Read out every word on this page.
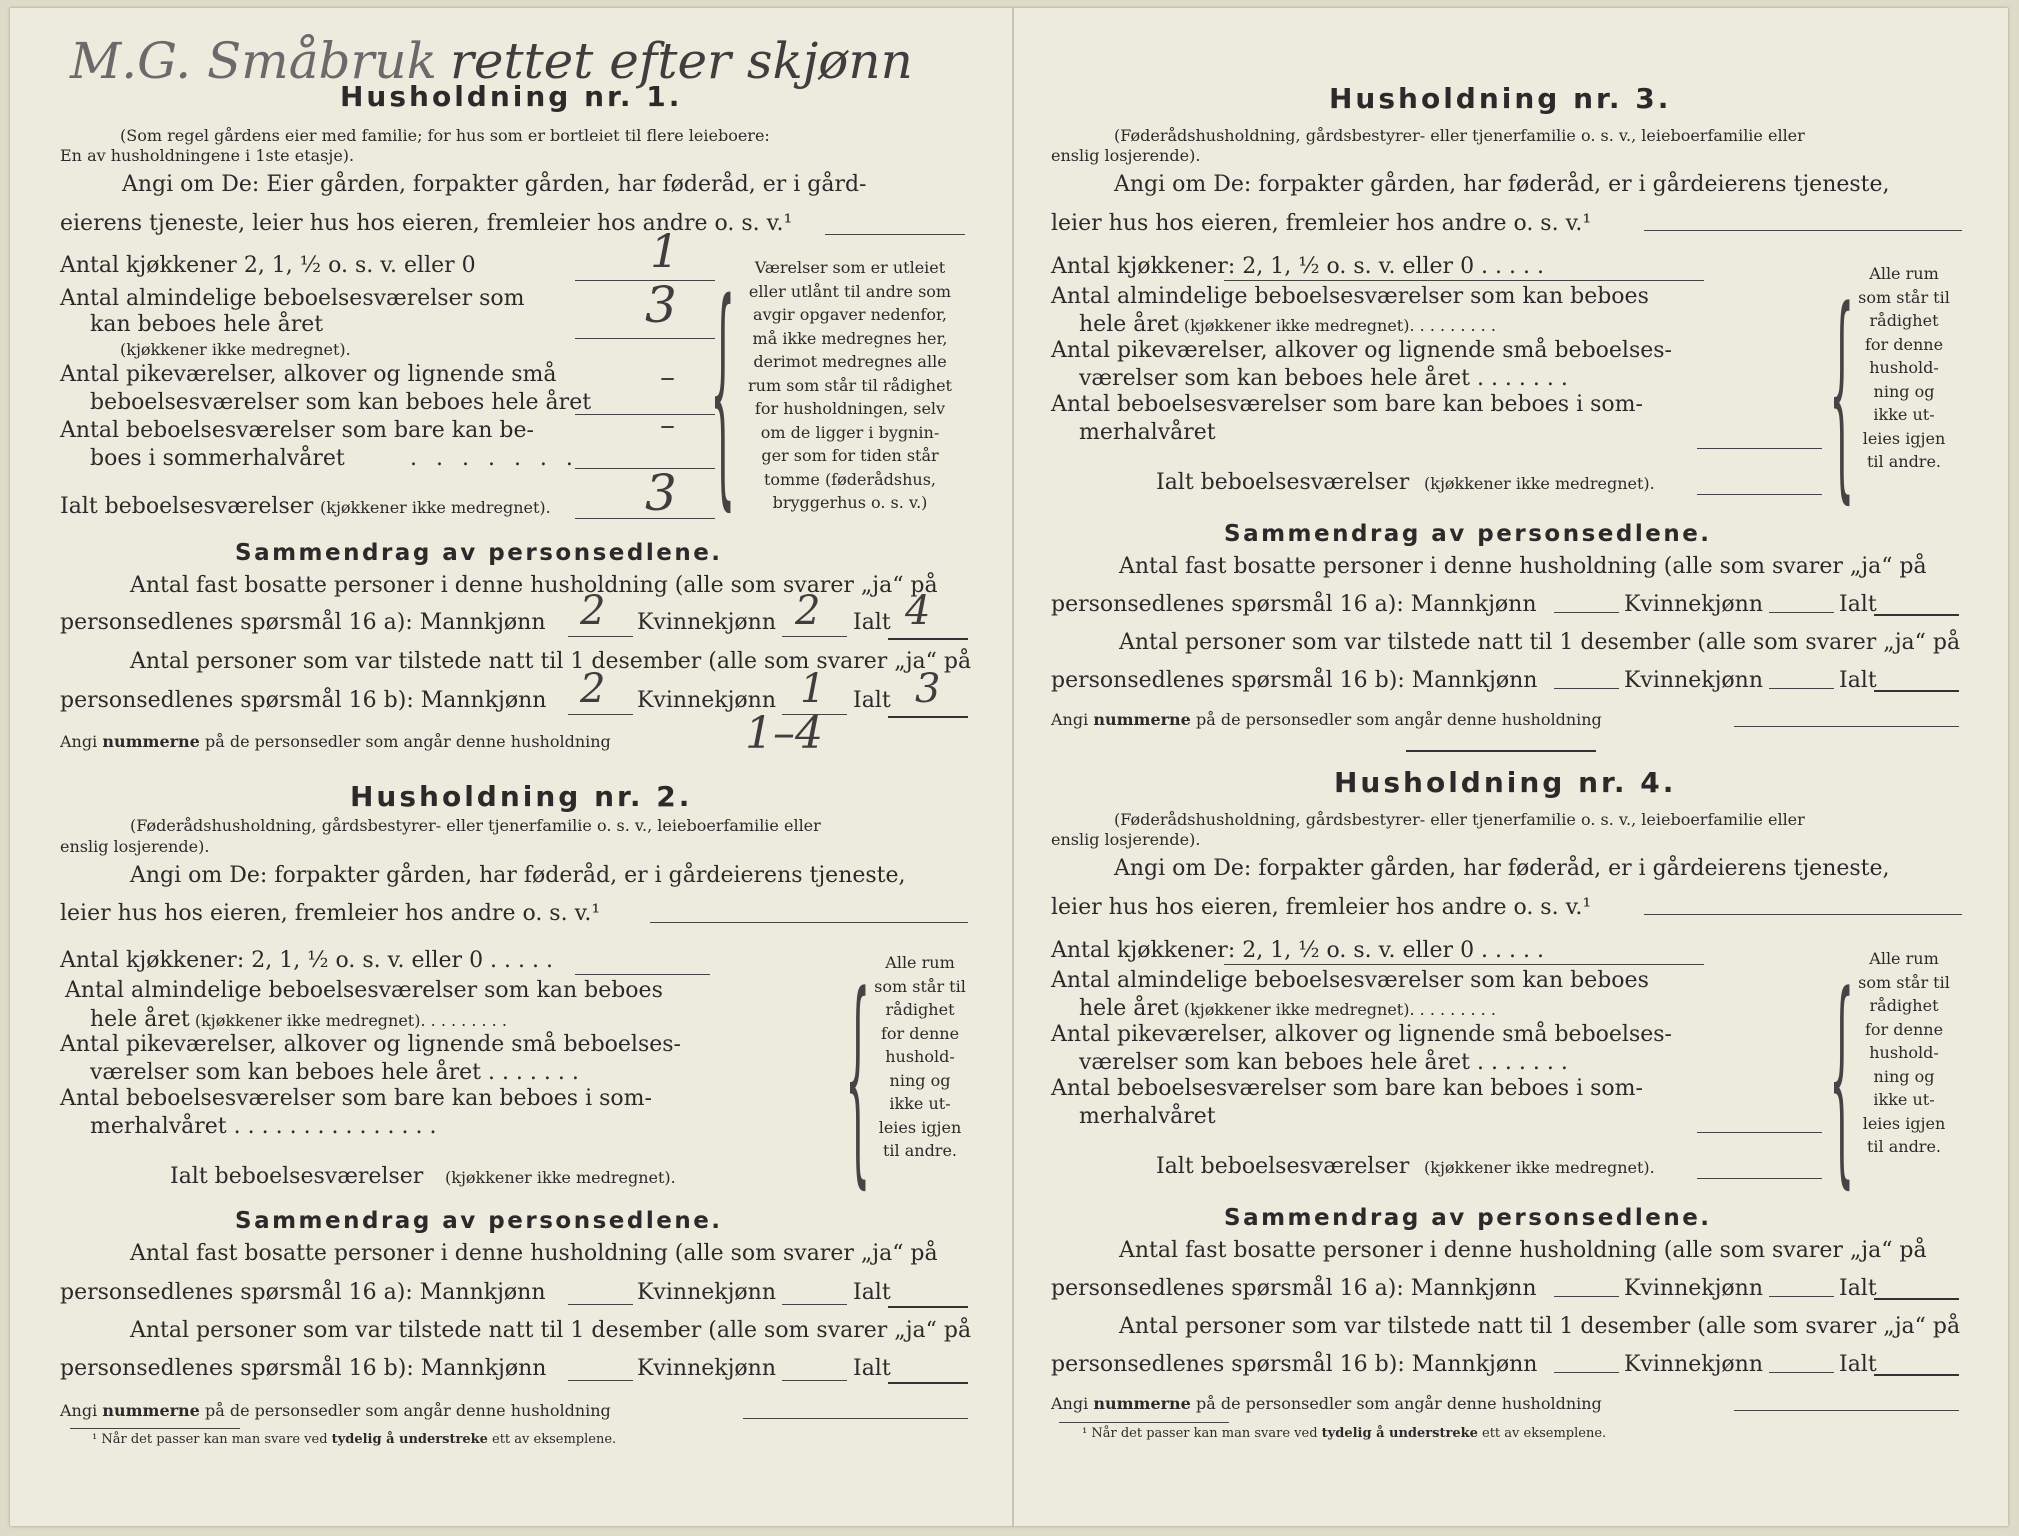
M.G. Småbruk rettet efter skjønn
Husholdning nr. 1.
(Som regel gårdens eier med familie; for hus som er bortleiet til flere leieboere:
En av husholdningene i 1ste etasje).
Angi om De: Eier gården, forpakter gården, har føderåd, er i gård-
eierens tjeneste, leier hus hos eieren, fremleier hos andre o. s. v.¹
Antal kjøkkener 2, 1, ½ o. s. v. eller 0	1
Antal almindelige beboelsesværelser som
kan beboes hele året
(kjøkkener ikke medregnet).
3
Antal pikeværelser, alkover og lignende små
beboelsesværelser som kan beboes hele året
–
Antal beboelsesværelser som bare kan be-
boes i sommerhalvåret	. . . . . . .
–
Ialt beboelsesværelser (kjøkkener ikke medregnet). 3 {	Værelser som er utleiet
eller utlånt til andre som
avgir opgaver nedenfor,
må ikke medregnes her,
derimot medregnes alle
rum som står til rådighet
for husholdningen, selv
om de ligger i bygnin-
ger som for tiden står
tomme (føderådshus,
bryggerhus o. s. v.)
Sammendrag av personsedlene.
Antal fast bosatte personer i denne husholdning (alle som svarer „ja“ på
personsedlenes spørsmål 16 a): Mannkjønn 2 Kvinnekjønn 2 Ialt 4
Antal personer som var tilstede natt til 1 desember (alle som svarer „ja“ på
personsedlenes spørsmål 16 b): Mannkjønn 2 Kvinnekjønn 1 Ialt 3
Angi nummerne på de personsedler som angår denne husholdning	1–4
Husholdning nr. 2.
(Føderådshusholdning, gårdsbestyrer- eller tjenerfamilie o. s. v., leieboerfamilie eller
enslig losjerende).
Angi om De: forpakter gården, har føderåd, er i gårdeierens tjeneste,
leier hus hos eieren, fremleier hos andre o. s. v.¹
Antal kjøkkener: 2, 1, ½ o. s. v. eller 0 . . . . .
Antal almindelige beboelsesværelser som kan beboes
hele året (kjøkkener ikke medregnet). . . . . . . . .
Antal pikeværelser, alkover og lignende små beboelses-
værelser som kan beboes hele året . . . . . . .
Antal beboelsesværelser som bare kan beboes i som-
merhalvåret . . . . . . . . . . . . . . .
Ialt beboelsesværelser (kjøkkener ikke medregnet).	{ Alle rum
som står til
rådighet
for denne
hushold-
ning og
ikke ut-
leies igjen
til andre.
Sammendrag av personsedlene.
Antal fast bosatte personer i denne husholdning (alle som svarer „ja“ på
personsedlenes spørsmål 16 a): Mannkjønn	Kvinnekjønn	Ialt
Antal personer som var tilstede natt til 1 desember (alle som svarer „ja“ på
personsedlenes spørsmål 16 b): Mannkjønn	Kvinnekjønn	Ialt
Angi nummerne på de personsedler som angår denne husholdning
¹ Når det passer kan man svare ved tydelig å understreke ett av eksemplene.
Husholdning nr. 3.
(Føderådshusholdning, gårdsbestyrer- eller tjenerfamilie o. s. v., leieboerfamilie eller
enslig losjerende).
Angi om De: forpakter gården, har føderåd, er i gårdeierens tjeneste,
leier hus hos eieren, fremleier hos andre o. s. v.¹
Antal kjøkkener: 2, 1, ½ o. s. v. eller 0 . . . . .
Antal almindelige beboelsesværelser som kan beboes
hele året (kjøkkener ikke medregnet). . . . . . . . .
Antal pikeværelser, alkover og lignende små beboelses-
værelser som kan beboes hele året . . . . . . .
Antal beboelsesværelser som bare kan beboes i som-
merhalvåret
Ialt beboelsesværelser (kjøkkener ikke medregnet).	{ Alle rum
som står til
rådighet
for denne
hushold-
ning og
ikke ut-
leies igjen
til andre.
Sammendrag av personsedlene.
Antal fast bosatte personer i denne husholdning (alle som svarer „ja“ på
personsedlenes spørsmål 16 a): Mannkjønn	Kvinnekjønn	Ialt
Antal personer som var tilstede natt til 1 desember (alle som svarer „ja“ på
personsedlenes spørsmål 16 b): Mannkjønn	Kvinnekjønn	Ialt
Angi nummerne på de personsedler som angår denne husholdning
Husholdning nr. 4.
(Føderådshusholdning, gårdsbestyrer- eller tjenerfamilie o. s. v., leieboerfamilie eller
enslig losjerende).
Angi om De: forpakter gården, har føderåd, er i gårdeierens tjeneste,
leier hus hos eieren, fremleier hos andre o. s. v.¹
Antal kjøkkener: 2, 1, ½ o. s. v. eller 0 . . . . .
Antal almindelige beboelsesværelser som kan beboes
hele året (kjøkkener ikke medregnet). . . . . . . . .
Antal pikeværelser, alkover og lignende små beboelses-
værelser som kan beboes hele året . . . . . . .
Antal beboelsesværelser som bare kan beboes i som-
merhalvåret
Ialt beboelsesværelser (kjøkkener ikke medregnet).	{ Alle rum
som står til
rådighet
for denne
hushold-
ning og
ikke ut-
leies igjen
til andre.
Sammendrag av personsedlene.
Antal fast bosatte personer i denne husholdning (alle som svarer „ja“ på
personsedlenes spørsmål 16 a): Mannkjønn	Kvinnekjønn	Ialt
Antal personer som var tilstede natt til 1 desember (alle som svarer „ja“ på
personsedlenes spørsmål 16 b): Mannkjønn	Kvinnekjønn	Ialt
Angi nummerne på de personsedler som angår denne husholdning
¹ Når det passer kan man svare ved tydelig å understreke ett av eksemplene.
